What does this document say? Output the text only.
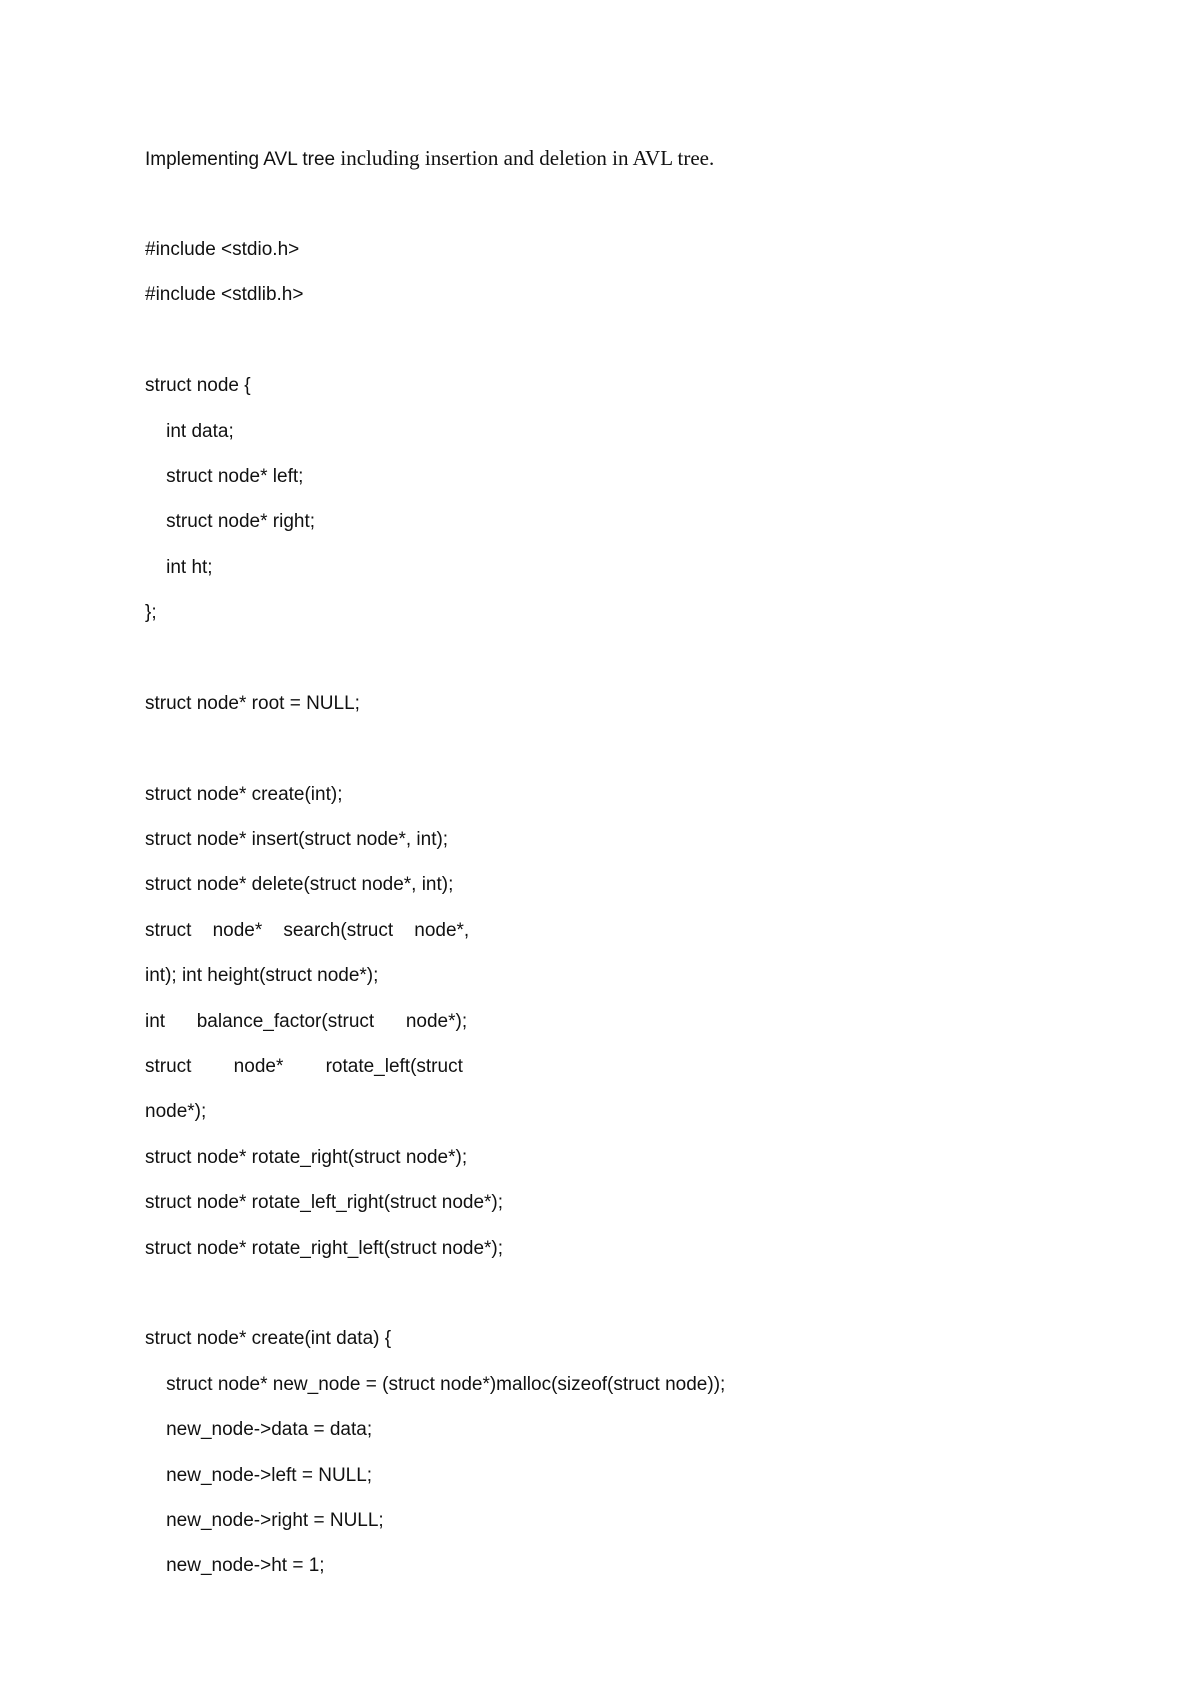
Implementing AVL tree including insertion and deletion in AVL tree.
#include <stdio.h>
#include <stdlib.h>
struct node {
int data;
struct node* left;
struct node* right;
int ht;
};
struct node* root = NULL;
struct node* create(int);
struct node* insert(struct node*, int);
struct node* delete(struct node*, int);
struct    node*    search(struct    node*,
int); int height(struct node*);
int      balance_factor(struct      node*);
struct        node*        rotate_left(struct
node*);
struct node* rotate_right(struct node*);
struct node* rotate_left_right(struct node*);
struct node* rotate_right_left(struct node*);
struct node* create(int data) {
struct node* new_node = (struct node*)malloc(sizeof(struct node));
new_node->data = data;
new_node->left = NULL;
new_node->right = NULL;
new_node->ht = 1;
